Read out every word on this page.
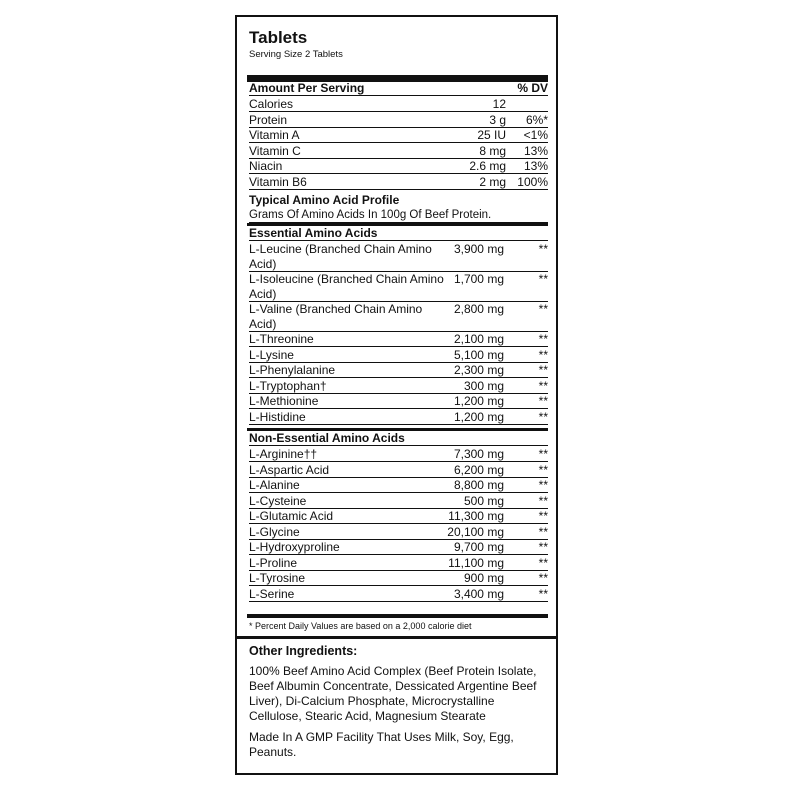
Tablets
Serving Size 2 Tablets
Amount Per Serving	% DV
Calories	12
Protein	3 g 6%*
Vitamin A	25 IU <1%
Vitamin C	8 mg 13%
Niacin	2.6 mg 13%
Vitamin B6	2 mg 100%
Typical Amino Acid Profile
Grams Of Amino Acids In 100g Of Beef Protein.
Essential Amino Acids
L-Leucine (Branched Chain Amino Acid)
3,900 mg	**
L-Isoleucine (Branched Chain Amino Acid)
1,700 mg	**
L-Valine (Branched Chain Amino Acid)
2,800 mg	**
L-Threonine	2,100 mg	**
L-Lysine	5,100 mg	**
L-Phenylalanine	2,300 mg	**
L-Tryptophan†	300 mg	**
L-Methionine	1,200 mg	**
L-Histidine	1,200 mg	**
Non-Essential Amino Acids
L-Arginine††	7,300 mg	**
L-Aspartic Acid	6,200 mg	**
L-Alanine	8,800 mg	**
L-Cysteine	500 mg	**
L-Glutamic Acid	11,300 mg	**
L-Glycine	20,100 mg	**
L-Hydroxyproline	9,700 mg	**
L-Proline	11,100 mg	**
L-Tyrosine	900 mg	**
L-Serine	3,400 mg	**
* Percent Daily Values are based on a 2,000 calorie diet
Other Ingredients:

100% Beef Amino Acid Complex (Beef Protein Isolate, Beef Albumin Concentrate, Dessicated Argentine Beef Liver), Di-Calcium Phosphate, Microcrystalline Cellulose, Stearic Acid, Magnesium Stearate

Made In A GMP Facility That Uses Milk, Soy, Egg, Peanuts.
